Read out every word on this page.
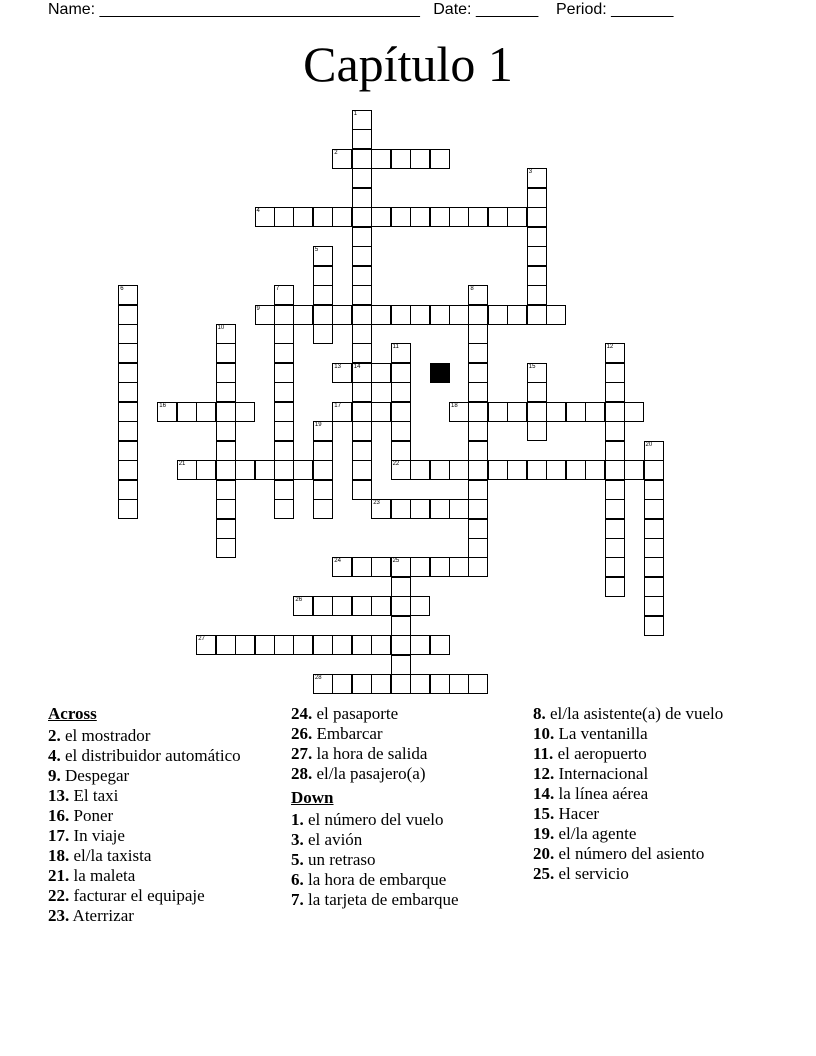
Name: ____________________________________   Date: _______    Period: _______
Capítulo 1
1
14
2
3
4
5
6	7	8
9
10
11	12
13	15
16	17	18
19
20
21	22
23
24	25
26
27
28
Across
2. el mostrador
4. el distribuidor automático
9. Despegar
13. El taxi
16. Poner
17. In viaje
18. el/la taxista
21. la maleta
22. facturar el equipaje
23. Aterrizar
24. el pasaporte
26. Embarcar
27. la hora de salida
28. el/la pasajero(a)
Down
1. el número del vuelo
3. el avión
5. un retraso
6. la hora de embarque
7. la tarjeta de embarque
8. el/la asistente(a) de vuelo
10. La ventanilla
11. el aeropuerto
12. Internacional
14. la línea aérea
15. Hacer
19. el/la agente
20. el número del asiento
25. el servicio
